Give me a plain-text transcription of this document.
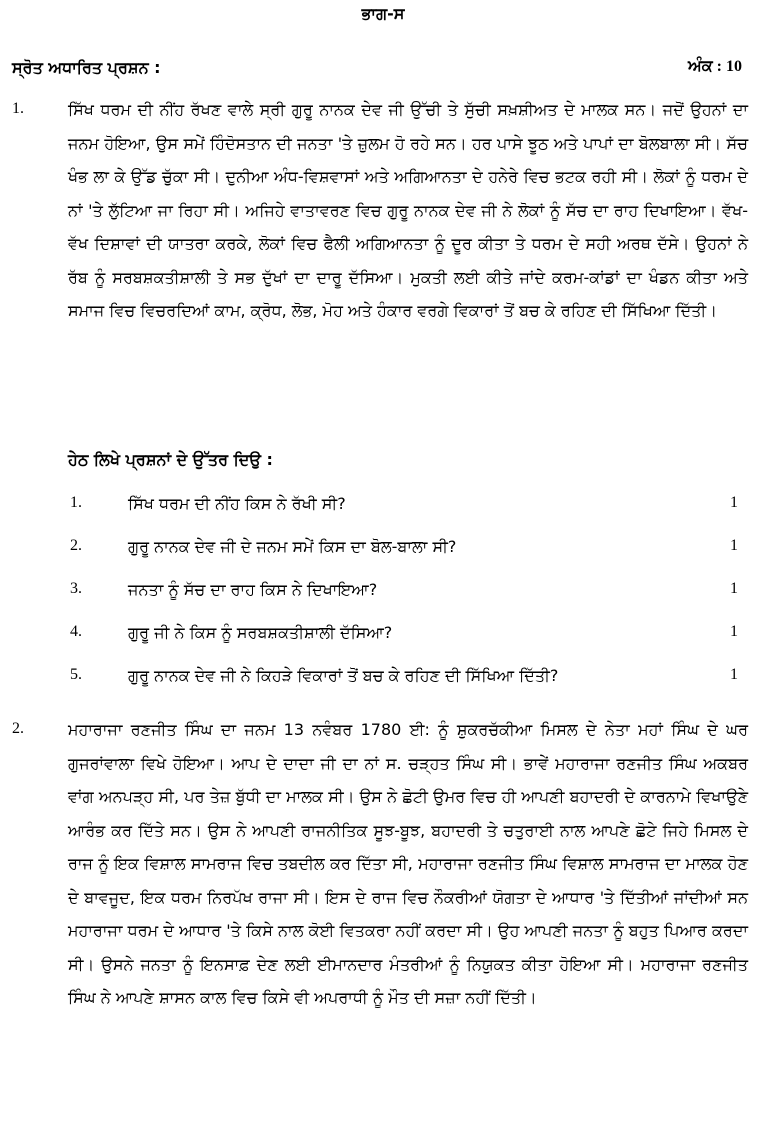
ਭਾਗ-ਸ
ਸ੍ਰੋਤ ਅਧਾਰਿਤ ਪ੍ਰਸ਼ਨ :	ਅੰਕ : 10
1.	ਸਿੱਖ ਧਰਮ ਦੀ ਨੀਂਹ ਰੱਖਣ ਵਾਲੇ ਸ੍ਰੀ ਗੁਰੂ ਨਾਨਕ ਦੇਵ ਜੀ ਉੱਚੀ ਤੇ ਸੁੱਚੀ ਸਖ਼ਸ਼ੀਅਤ ਦੇ ਮਾਲਕ ਸਨ। ਜਦੋਂ ਉਹਨਾਂ ਦਾ ਜਨਮ ਹੋਇਆ, ਉਸ ਸਮੇਂ ਹਿੰਦੋਸਤਾਨ ਦੀ ਜਨਤਾ 'ਤੇ ਜ਼ੁਲਮ ਹੋ ਰਹੇ ਸਨ। ਹਰ ਪਾਸੇ ਝੂਠ ਅਤੇ ਪਾਪਾਂ ਦਾ ਬੋਲਬਾਲਾ ਸੀ। ਸੱਚ ਖੰਭ ਲਾ ਕੇ ਉੱਡ ਚੁੱਕਾ ਸੀ। ਦੁਨੀਆ ਅੰਧ-ਵਿਸ਼ਵਾਸਾਂ ਅਤੇ ਅਗਿਆਨਤਾ ਦੇ ਹਨੇਰੇ ਵਿਚ ਭਟਕ ਰਹੀ ਸੀ। ਲੋਕਾਂ ਨੂੰ ਧਰਮ ਦੇ ਨਾਂ 'ਤੇ ਲੁੱਟਿਆ ਜਾ ਰਿਹਾ ਸੀ। ਅਜਿਹੇ ਵਾਤਾਵਰਣ ਵਿਚ ਗੁਰੂ ਨਾਨਕ ਦੇਵ ਜੀ ਨੇ ਲੋਕਾਂ ਨੂੰ ਸੱਚ ਦਾ ਰਾਹ ਦਿਖਾਇਆ। ਵੱਖ-ਵੱਖ ਦਿਸ਼ਾਵਾਂ ਦੀ ਯਾਤਰਾ ਕਰਕੇ, ਲੋਕਾਂ ਵਿਚ ਫੈਲੀ ਅਗਿਆਨਤਾ ਨੂੰ ਦੂਰ ਕੀਤਾ ਤੇ ਧਰਮ ਦੇ ਸਹੀ ਅਰਥ ਦੱਸੇ। ਉਹਨਾਂ ਨੇ ਰੱਬ ਨੂੰ ਸਰਬਸ਼ਕਤੀਸ਼ਾਲੀ ਤੇ ਸਭ ਦੁੱਖਾਂ ਦਾ ਦਾਰੂ ਦੱਸਿਆ। ਮੁਕਤੀ ਲਈ ਕੀਤੇ ਜਾਂਦੇ ਕਰਮ-ਕਾਂਡਾਂ ਦਾ ਖੰਡਨ ਕੀਤਾ ਅਤੇ ਸਮਾਜ ਵਿਚ ਵਿਚਰਦਿਆਂ ਕਾਮ, ਕ੍ਰੋਧ, ਲੋਭ, ਮੋਹ ਅਤੇ ਹੰਕਾਰ ਵਰਗੇ ਵਿਕਾਰਾਂ ਤੋਂ ਬਚ ਕੇ ਰਹਿਣ ਦੀ ਸਿੱਖਿਆ ਦਿੱਤੀ।

ਹੇਠ ਲਿਖੇ ਪ੍ਰਸ਼ਨਾਂ ਦੇ ਉੱਤਰ ਦਿਉ :
1.	ਸਿੱਖ ਧਰਮ ਦੀ ਨੀਂਹ ਕਿਸ ਨੇ ਰੱਖੀ ਸੀ?	1
2.	ਗੁਰੂ ਨਾਨਕ ਦੇਵ ਜੀ ਦੇ ਜਨਮ ਸਮੇਂ ਕਿਸ ਦਾ ਬੋਲ-ਬਾਲਾ ਸੀ?	1
3.	ਜਨਤਾ ਨੂੰ ਸੱਚ ਦਾ ਰਾਹ ਕਿਸ ਨੇ ਦਿਖਾਇਆ?	1
4.	ਗੁਰੂ ਜੀ ਨੇ ਕਿਸ ਨੂੰ ਸਰਬਸ਼ਕਤੀਸ਼ਾਲੀ ਦੱਸਿਆ?	1
5.	ਗੁਰੂ ਨਾਨਕ ਦੇਵ ਜੀ ਨੇ ਕਿਹੜੇ ਵਿਕਾਰਾਂ ਤੋਂ ਬਚ ਕੇ ਰਹਿਣ ਦੀ ਸਿੱਖਿਆ ਦਿੱਤੀ?	1
2.	ਮਹਾਰਾਜਾ ਰਣਜੀਤ ਸਿੰਘ ਦਾ ਜਨਮ 13 ਨਵੰਬਰ 1780 ਈ: ਨੂੰ ਸ਼ੁਕਰਚੱਕੀਆ ਮਿਸਲ ਦੇ ਨੇਤਾ ਮਹਾਂ ਸਿੰਘ ਦੇ ਘਰ ਗੁਜਰਾਂਵਾਲਾ ਵਿਖੇ ਹੋਇਆ। ਆਪ ਦੇ ਦਾਦਾ ਜੀ ਦਾ ਨਾਂ ਸ. ਚੜ੍ਹਤ ਸਿੰਘ ਸੀ। ਭਾਵੇਂ ਮਹਾਰਾਜਾ ਰਣਜੀਤ ਸਿੰਘ ਅਕਬਰ ਵਾਂਗ ਅਨਪੜ੍ਹ ਸੀ, ਪਰ ਤੇਜ਼ ਬੁੱਧੀ ਦਾ ਮਾਲਕ ਸੀ। ਉਸ ਨੇ ਛੋਟੀ ਉਮਰ ਵਿਚ ਹੀ ਆਪਣੀ ਬਹਾਦਰੀ ਦੇ ਕਾਰਨਾਮੇ ਵਿਖਾਉਣੇ ਆਰੰਭ ਕਰ ਦਿੱਤੇ ਸਨ। ਉਸ ਨੇ ਆਪਣੀ ਰਾਜਨੀਤਿਕ ਸੂਝ-ਬੂਝ, ਬਹਾਦਰੀ ਤੇ ਚਤੁਰਾਈ ਨਾਲ ਆਪਣੇ ਛੋਟੇ ਜਿਹੇ ਮਿਸਲ ਦੇ ਰਾਜ ਨੂੰ ਇਕ ਵਿਸ਼ਾਲ ਸਾਮਰਾਜ ਵਿਚ ਤਬਦੀਲ ਕਰ ਦਿੱਤਾ ਸੀ, ਮਹਾਰਾਜਾ ਰਣਜੀਤ ਸਿੰਘ ਵਿਸ਼ਾਲ ਸਾਮਰਾਜ ਦਾ ਮਾਲਕ ਹੋਣ ਦੇ ਬਾਵਜੂਦ, ਇਕ ਧਰਮ ਨਿਰਪੱਖ ਰਾਜਾ ਸੀ। ਇਸ ਦੇ ਰਾਜ ਵਿਚ ਨੌਕਰੀਆਂ ਯੋਗਤਾ ਦੇ ਆਧਾਰ 'ਤੇ ਦਿੱਤੀਆਂ ਜਾਂਦੀਆਂ ਸਨ ਮਹਾਰਾਜਾ ਧਰਮ ਦੇ ਆਧਾਰ 'ਤੇ ਕਿਸੇ ਨਾਲ ਕੋਈ ਵਿਤਕਰਾ ਨਹੀਂ ਕਰਦਾ ਸੀ। ਉਹ ਆਪਣੀ ਜਨਤਾ ਨੂੰ ਬਹੁਤ ਪਿਆਰ ਕਰਦਾ ਸੀ। ਉਸਨੇ ਜਨਤਾ ਨੂੰ ਇਨਸਾਫ਼ ਦੇਣ ਲਈ ਈਮਾਨਦਾਰ ਮੰਤਰੀਆਂ ਨੂੰ ਨਿਯੁਕਤ ਕੀਤਾ ਹੋਇਆ ਸੀ। ਮਹਾਰਾਜਾ ਰਣਜੀਤ ਸਿੰਘ ਨੇ ਆਪਣੇ ਸ਼ਾਸਨ ਕਾਲ ਵਿਚ ਕਿਸੇ ਵੀ ਅਪਰਾਧੀ ਨੂੰ ਮੌਤ ਦੀ ਸਜ਼ਾ ਨਹੀਂ ਦਿੱਤੀ।
